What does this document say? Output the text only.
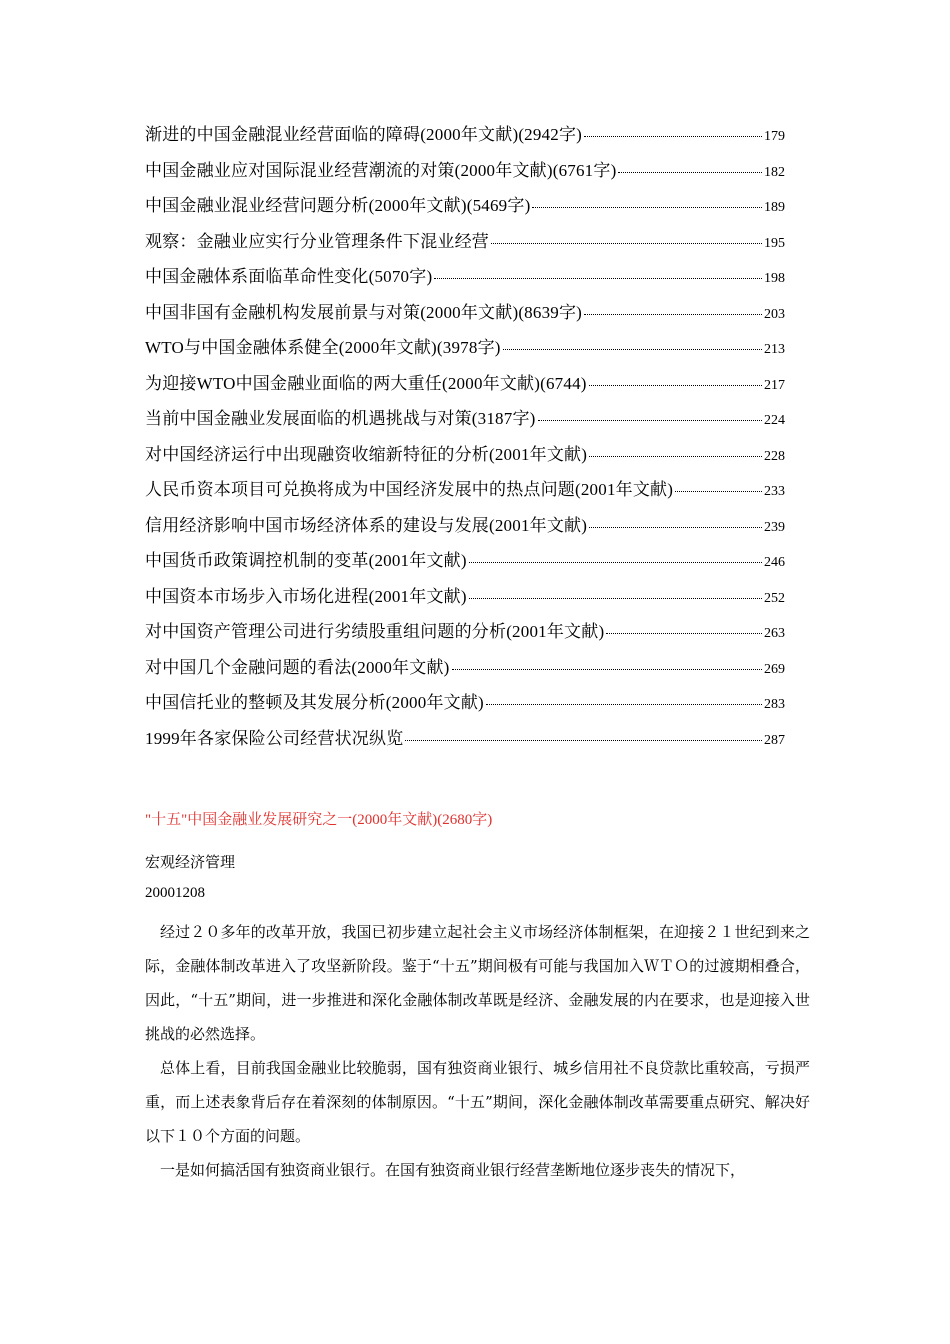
渐进的中国金融混业经营面临的障碍(2000年文献)(2942字)	179
中国金融业应对国际混业经营潮流的对策(2000年文献)(6761字)	182
中国金融业混业经营问题分析(2000年文献)(5469字)	189
观察：金融业应实行分业管理条件下混业经营	195
中国金融体系面临革命性变化(5070字)	198
中国非国有金融机构发展前景与对策(2000年文献)(8639字)	203
WTO与中国金融体系健全(2000年文献)(3978字)	213
为迎接WTO中国金融业面临的两大重任(2000年文献)(6744)	217
当前中国金融业发展面临的机遇挑战与对策(3187字)	224
对中国经济运行中出现融资收缩新特征的分析(2001年文献)	228
人民币资本项目可兑换将成为中国经济发展中的热点问题(2001年文献)	233
信用经济影响中国市场经济体系的建设与发展(2001年文献)	239
中国货币政策调控机制的变革(2001年文献)	246
中国资本市场步入市场化进程(2001年文献)	252
对中国资产管理公司进行劣绩股重组问题的分析(2001年文献)	263
对中国几个金融问题的看法(2000年文献)	269
中国信托业的整顿及其发展分析(2000年文献)	283
1999年各家保险公司经营状况纵览	287
"十五"中国金融业发展研究之一(2000年文献)(2680字)
宏观经济管理
20001208

经过２０多年的改革开放，我国已初步建立起社会主义市场经济体制框架，在迎接２１世纪到来之际，金融体制改革进入了攻坚新阶段。鉴于“十五”期间极有可能与我国加入ＷＴＯ的过渡期相叠合，因此，“十五”期间，进一步推进和深化金融体制改革既是经济、金融发展的内在要求，也是迎接入世挑战的必然选择。

总体上看，目前我国金融业比较脆弱，国有独资商业银行、城乡信用社不良贷款比重较高，亏损严重，而上述表象背后存在着深刻的体制原因。“十五”期间，深化金融体制改革需要重点研究、解决好以下１０个方面的问题。

一是如何搞活国有独资商业银行。在国有独资商业银行经营垄断地位逐步丧失的情况下，
